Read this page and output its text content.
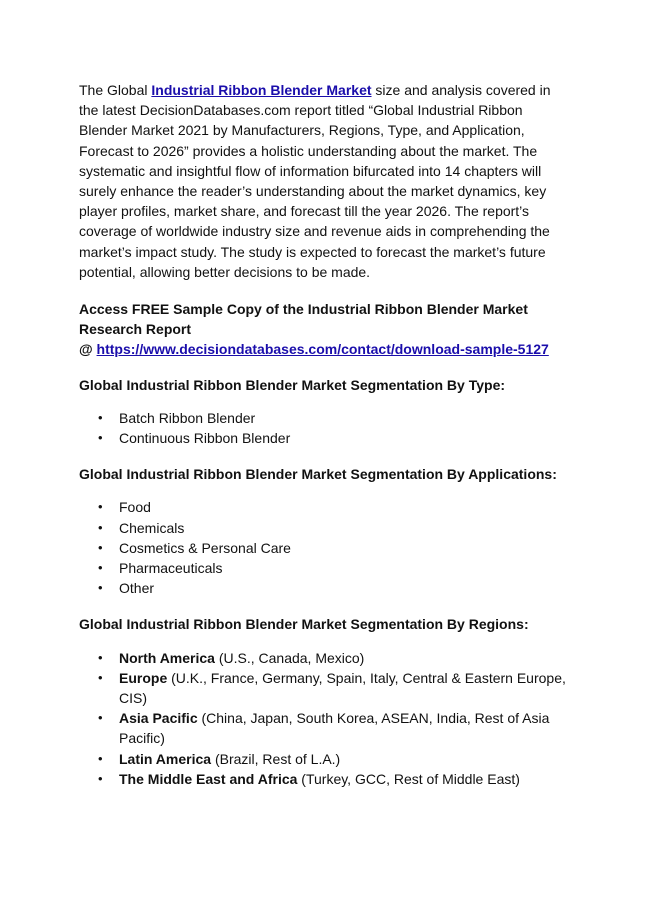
The Global Industrial Ribbon Blender Market size and analysis covered in the latest DecisionDatabases.com report titled “Global Industrial Ribbon Blender Market 2021 by Manufacturers, Regions, Type, and Application, Forecast to 2026” provides a holistic understanding about the market. The systematic and insightful flow of information bifurcated into 14 chapters will surely enhance the reader’s understanding about the market dynamics, key player profiles, market share, and forecast till the year 2026. The report’s coverage of worldwide industry size and revenue aids in comprehending the market’s impact study. The study is expected to forecast the market’s future potential, allowing better decisions to be made.

Access FREE Sample Copy of the Industrial Ribbon Blender Market Research Report
@ https://www.decisiondatabases.com/contact/download-sample-5127

Global Industrial Ribbon Blender Market Segmentation By Type:

• Batch Ribbon Blender
• Continuous Ribbon Blender

Global Industrial Ribbon Blender Market Segmentation By Applications:

• Food
• Chemicals
• Cosmetics & Personal Care
• Pharmaceuticals
• Other

Global Industrial Ribbon Blender Market Segmentation By Regions:

• North America (U.S., Canada, Mexico)
• Europe (U.K., France, Germany, Spain, Italy, Central & Eastern Europe, CIS)
• Asia Pacific (China, Japan, South Korea, ASEAN, India, Rest of Asia Pacific)
• Latin America (Brazil, Rest of L.A.)
• The Middle East and Africa (Turkey, GCC, Rest of Middle East)
